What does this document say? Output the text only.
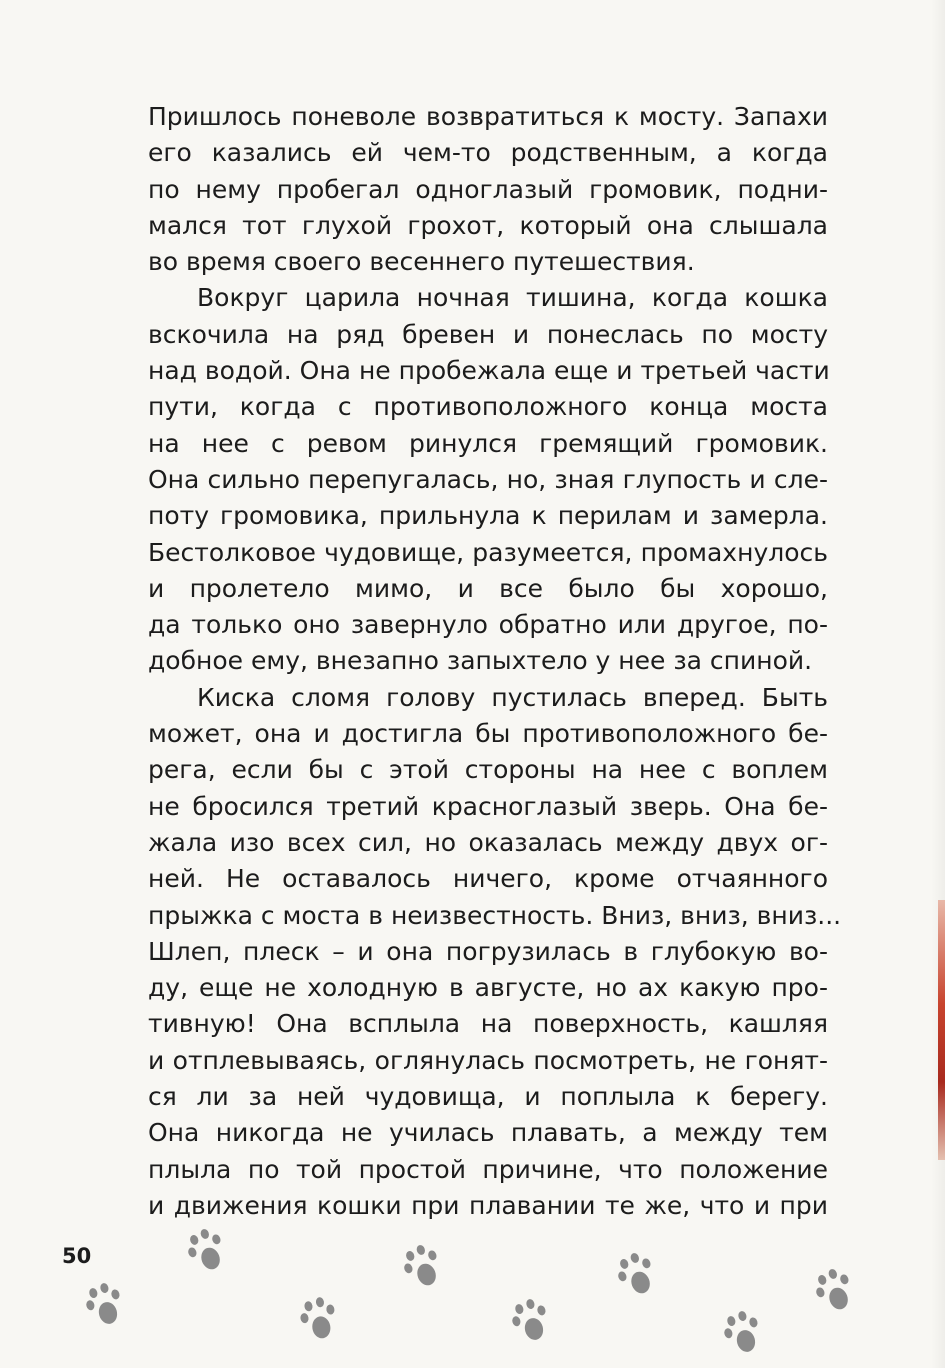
Пришлось поневоле возвратиться к мосту. Запахи
его казались ей чем-то родственным, а когда
по нему пробегал одноглазый громовик, подни-
мался тот глухой грохот, который она слышала
во время своего весеннего путешествия.
Вокруг царила ночная тишина, когда кошка
вскочила на ряд бревен и понеслась по мосту
над водой. Она не пробежала еще и третьей части
пути, когда с противоположного конца моста
на нее с ревом ринулся гремящий громовик.
Она сильно перепугалась, но, зная глупость и сле-
поту громовика, прильнула к перилам и замерла.
Бестолковое чудовище, разумеется, промахнулось
и пролетело мимо, и все было бы хорошо,
да только оно завернуло обратно или другое, по-
добное ему, внезапно запыхтело у нее за спиной.
Киска сломя голову пустилась вперед. Быть
может, она и достигла бы противоположного бе-
рега, если бы с этой стороны на нее с воплем
не бросился третий красноглазый зверь. Она бе-
жала изо всех сил, но оказалась между двух ог-
ней. Не оставалось ничего, кроме отчаянного
прыжка с моста в неизвестность. Вниз, вниз, вниз...
Шлеп, плеск – и она погрузилась в глубокую во-
ду, еще не холодную в августе, но ах какую про-
тивную! Она всплыла на поверхность, кашляя
и отплевываясь, оглянулась посмотреть, не гонят-
ся ли за ней чудовища, и поплыла к берегу.
Она никогда не училась плавать, а между тем
плыла по той простой причине, что положение
и движения кошки при плавании те же, что и при
50
